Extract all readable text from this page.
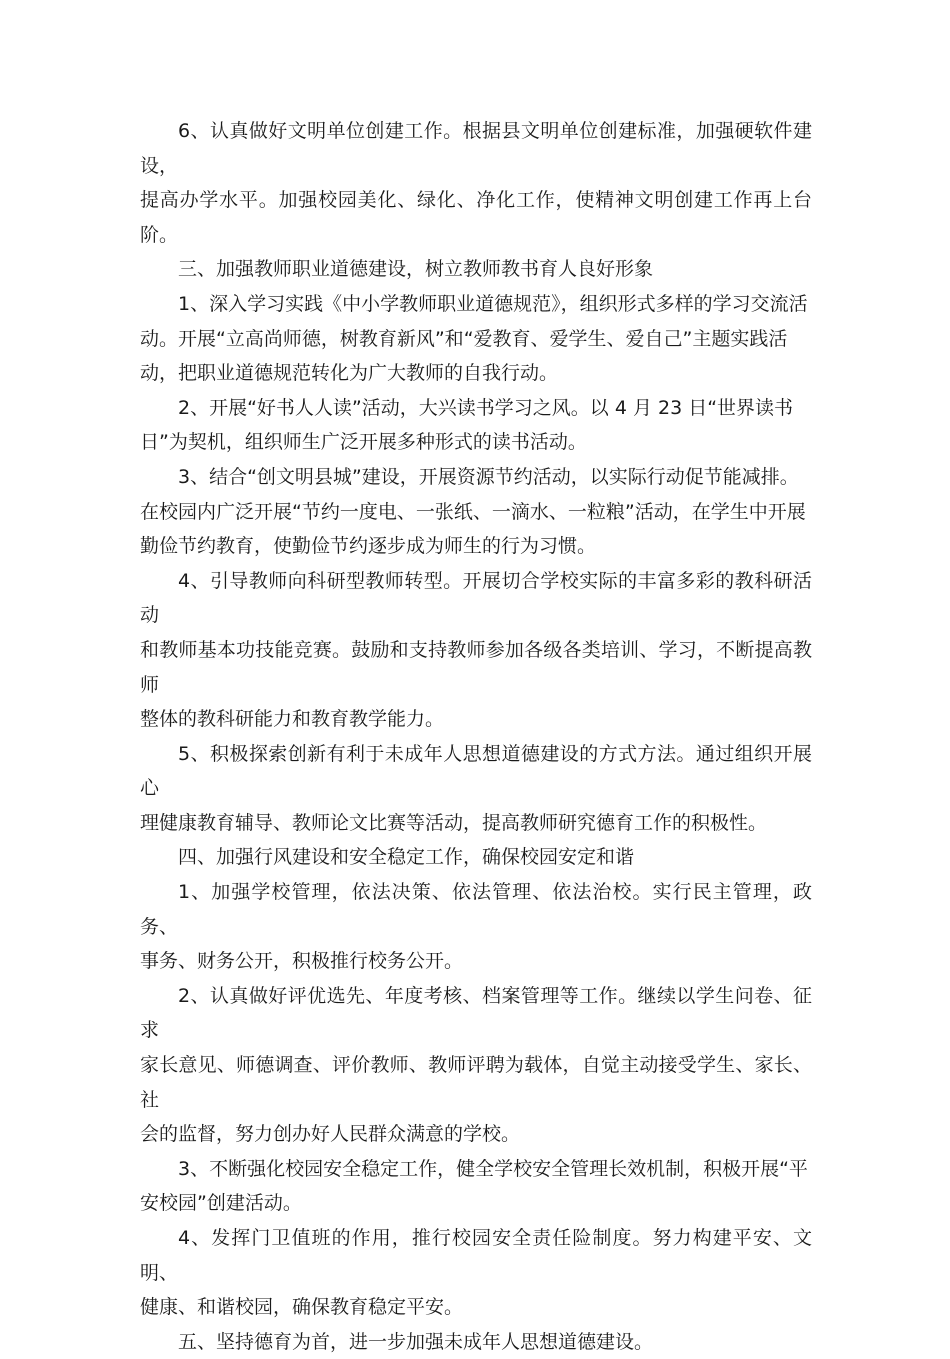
6、认真做好文明单位创建工作。根据县文明单位创建标准，加强硬软件建设，
提高办学水平。加强校园美化、绿化、净化工作，使精神文明创建工作再上台阶。

三、加强教师职业道德建设，树立教师教书育人良好形象

1、深入学习实践《中小学教师职业道德规范》，组织形式多样的学习交流活
动。开展“立高尚师德，树教育新风”和“爱教育、爱学生、爱自己”主题实践活
动，把职业道德规范转化为广大教师的自我行动。

2、开展“好书人人读”活动，大兴读书学习之风。以 4 月 23 日“世界读书
日”为契机，组织师生广泛开展多种形式的读书活动。

3、结合“创文明县城”建设，开展资源节约活动，以实际行动促节能减排。
在校园内广泛开展“节约一度电、一张纸、一滴水、一粒粮”活动，在学生中开展
勤俭节约教育，使勤俭节约逐步成为师生的行为习惯。

4、引导教师向科研型教师转型。开展切合学校实际的丰富多彩的教科研活动
和教师基本功技能竞赛。鼓励和支持教师参加各级各类培训、学习，不断提高教师
整体的教科研能力和教育教学能力。

5、积极探索创新有利于未成年人思想道德建设的方式方法。通过组织开展心
理健康教育辅导、教师论文比赛等活动，提高教师研究德育工作的积极性。

四、加强行风建设和安全稳定工作，确保校园安定和谐

1、加强学校管理，依法决策、依法管理、依法治校。实行民主管理，政务、
事务、财务公开，积极推行校务公开。

2、认真做好评优选先、年度考核、档案管理等工作。继续以学生问卷、征求
家长意见、师德调查、评价教师、教师评聘为载体，自觉主动接受学生、家长、社
会的监督，努力创办好人民群众满意的学校。

3、不断强化校园安全稳定工作，健全学校安全管理长效机制，积极开展“平
安校园”创建活动。

4、发挥门卫值班的作用，推行校园安全责任险制度。努力构建平安、文明、
健康、和谐校园，确保教育稳定平安。

五、坚持德育为首，进一步加强未成年人思想道德建设。
